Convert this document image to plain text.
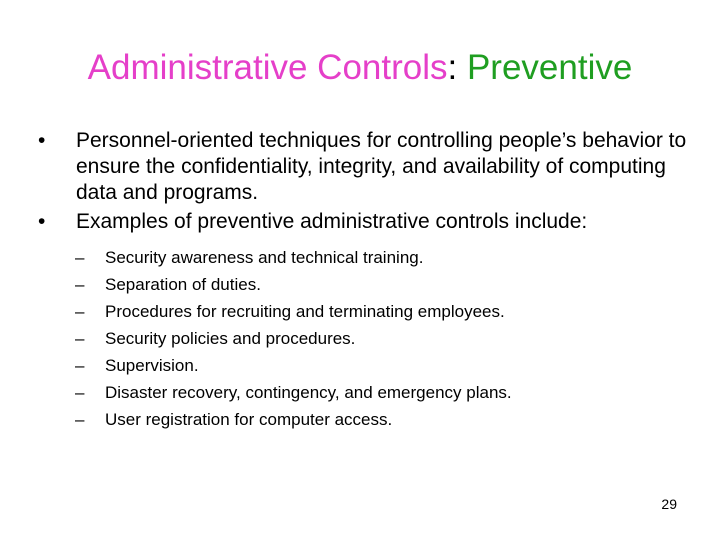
Administrative Controls: Preventive
• Personnel-oriented techniques for controlling people’s behavior to ensure the confidentiality, integrity, and availability of computing data and programs.
• Examples of preventive administrative controls include:
– Security awareness and technical training.
– Separation of duties.
– Procedures for recruiting and terminating employees.
– Security policies and procedures.
– Supervision.
– Disaster recovery, contingency, and emergency plans.
– User registration for computer access.
29
